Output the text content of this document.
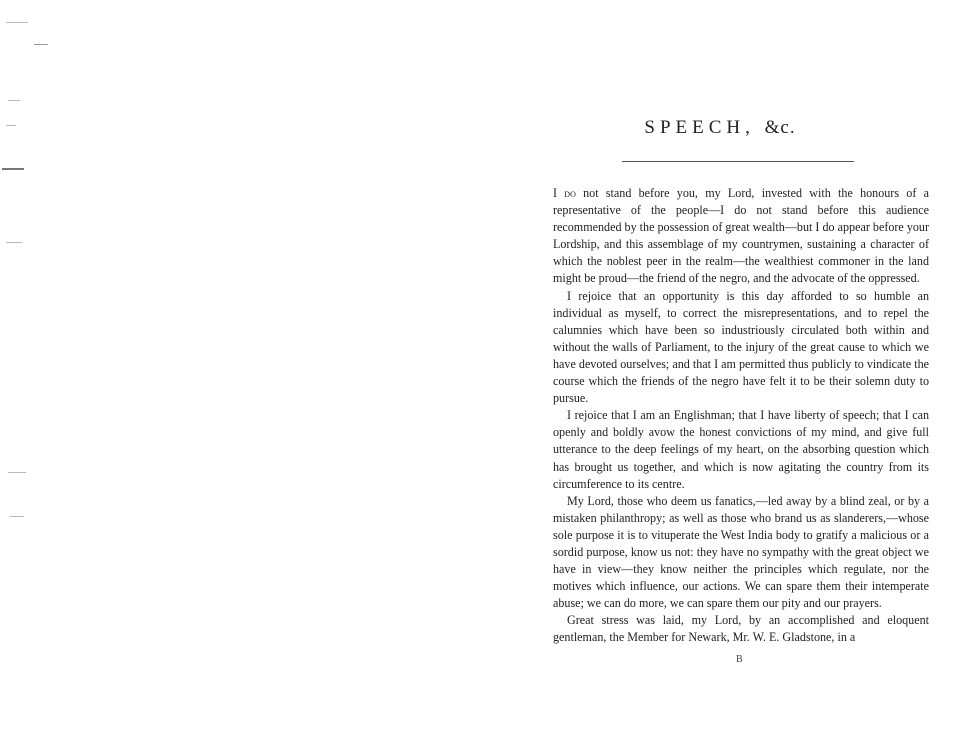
SPEECH, &c.

I do not stand before you, my Lord, invested with the honours of a representative of the people—I do not stand before this audience recommended by the possession of great wealth—but I do appear before your Lordship, and this assemblage of my countrymen, sustaining a character of which the noblest peer in the realm—the wealthiest commoner in the land might be proud—the friend of the negro, and the advocate of the oppressed.

I rejoice that an opportunity is this day afforded to so humble an individual as myself, to correct the misrepresentations, and to repel the calumnies which have been so industriously circulated both within and without the walls of Parliament, to the injury of the great cause to which we have devoted ourselves; and that I am permitted thus publicly to vindicate the course which the friends of the negro have felt it to be their solemn duty to pursue.

I rejoice that I am an Englishman; that I have liberty of speech; that I can openly and boldly avow the honest convictions of my mind, and give full utterance to the deep feelings of my heart, on the absorbing question which has brought us together, and which is now agitating the country from its circumference to its centre.

My Lord, those who deem us fanatics,—led away by a blind zeal, or by a mistaken philanthropy; as well as those who brand us as slanderers,—whose sole purpose it is to vituperate the West India body to gratify a malicious or a sordid purpose, know us not: they have no sympathy with the great object we have in view—they know neither the principles which regulate, nor the motives which influence, our actions. We can spare them their intemperate abuse; we can do more, we can spare them our pity and our prayers.

Great stress was laid, my Lord, by an accomplished and eloquent gentleman, the Member for Newark, Mr. W. E. Gladstone, in a

B
